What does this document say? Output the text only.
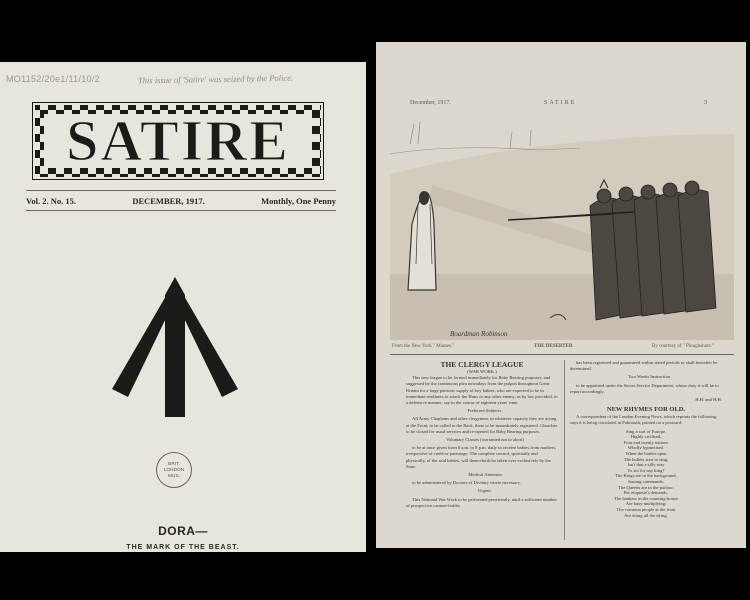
MO1152/20e1/11/10/2	This issue of 'Satire' was seized by the Police.
SATIRE
Vol. 2. No. 15.	DECEMBER, 1917.	Monthly, One Penny
BRIT.
LONDON
MUS.
DORA—
THE MARK OF THE BEAST.
December, 1917.	SATIRE	3
Boardman Robinson
From the New York " Masses."	THE DESERTER	By courtesy of " Ploughshare."
THE CLERGY LEAGUE
(WAR WORK.)

This new league to be formed immediately for Baby Rearing purposes, and suggested by the continuous plea nowadays from the pulpits throughout Great Britain for a large patriotic supply of boy babies, who are expected to be in immediate readiness to attack the Huns or any other enemy, as by law provided, in a defensive manner, say in the course of eighteen years' time.

Preferred Subjects.

All Army Chaplains and other clergymen, in whatever capacity they are acting at the Front, to be called to the Back, there to be immediately registered. Churches to be closed for usual services and re-opened for Baby Rearing purposes.

Voluntary Classes (warranted not to abort)

to be at once given from 8 a.m. to 8 p.m. daily to receive babies from mothers, irrespective of creed or parentage. The complete control, spiritually and physically, of the said babies, will thenceforth be taken over exclusively by the State.

Medical Attention

to be administered by Doctors of Divinity where necessary.

Urgent.

This National War Work to be performed persistently, until a sufficient number of prospective cannon-fodder

has been registered and guaranteed within stated periods or shall hereafter be determined.

Two Weeks Instruction

to be appointed under the Secret Service Department, whose duty it will be to report accordingly.

H.H. and H.H.

NEW RHYMES FOR OLD.

A correspondent of the London Evening News, which reprints the following, says it is being circulated in Falmouth, printed on a postcard:

Sing a sort of Europe,
Highly civilised,
Four and twenty nations
Wholly hypnotised.
When the battles open
The bullets start to sing;
Isn't that a silly way
To act for any king?
The Kings are in the background,
Issuing commands;
The Queens are in the parlour,
Per etiquette's demands.
The bankers in the counting-house
Are busy multiplying;
The common people at the front
Are doing all the dying.
